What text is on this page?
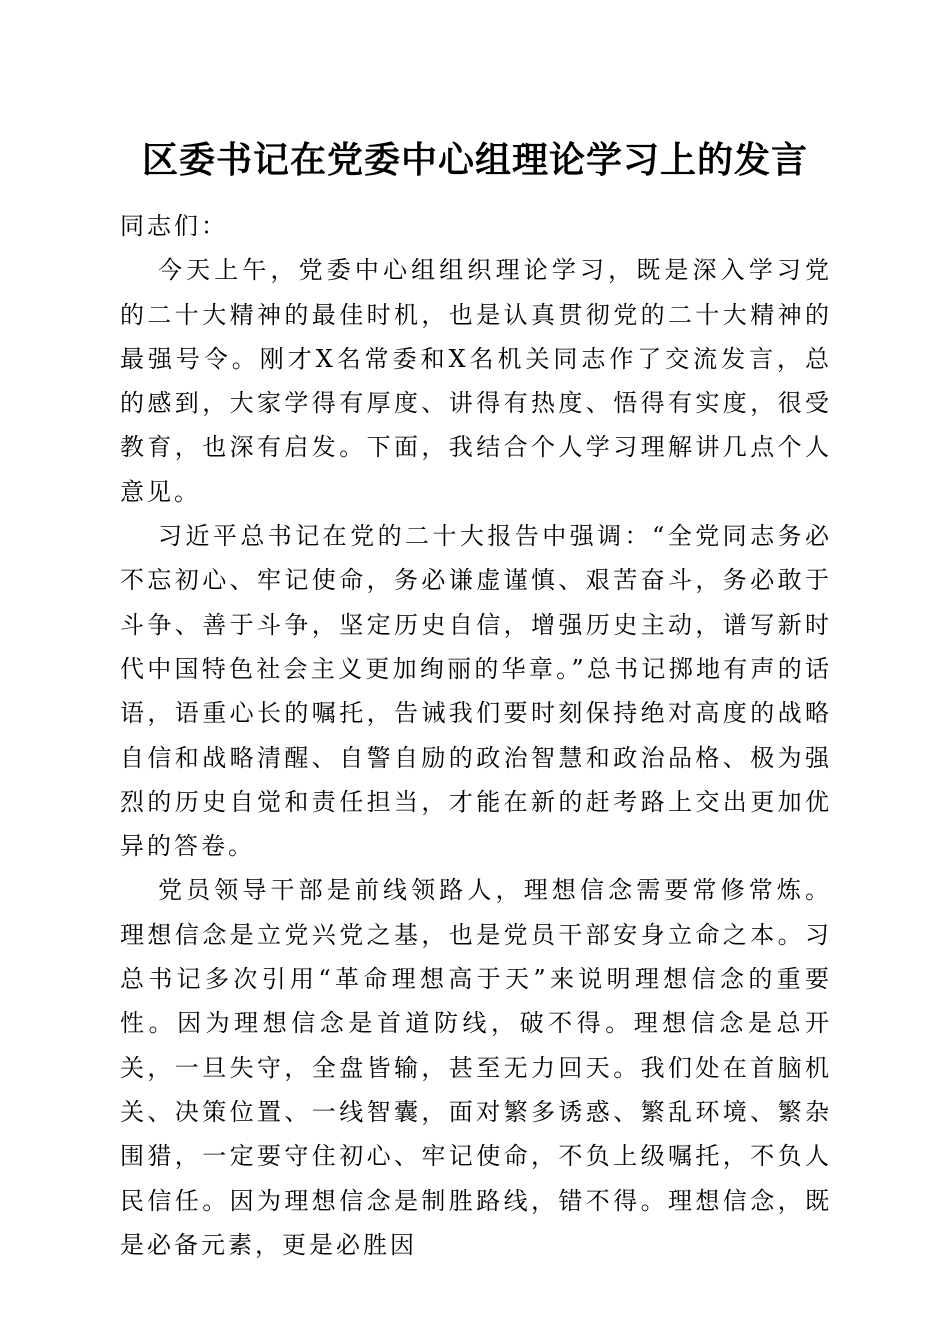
区委书记在党委中心组理论学习上的发言

同志们：

今天上午，党委中心组组织理论学习，既是深入学习党的二十大精神的最佳时机，也是认真贯彻党的二十大精神的最强号令。刚才X名常委和X名机关同志作了交流发言，总的感到，大家学得有厚度、讲得有热度、悟得有实度，很受教育，也深有启发。下面，我结合个人学习理解讲几点个人意见。

习近平总书记在党的二十大报告中强调：“全党同志务必不忘初心、牢记使命，务必谦虚谨慎、艰苦奋斗，务必敢于斗争、善于斗争，坚定历史自信，增强历史主动，谱写新时代中国特色社会主义更加绚丽的华章。”总书记掷地有声的话语，语重心长的嘱托，告诫我们要时刻保持绝对高度的战略自信和战略清醒、自警自励的政治智慧和政治品格、极为强烈的历史自觉和责任担当，才能在新的赶考路上交出更加优异的答卷。

党员领导干部是前线领路人，理想信念需要常修常炼。理想信念是立党兴党之基，也是党员干部安身立命之本。习总书记多次引用“革命理想高于天”来说明理想信念的重要性。因为理想信念是首道防线，破不得。理想信念是总开关，一旦失守，全盘皆输，甚至无力回天。我们处在首脑机关、决策位置、一线智囊，面对繁多诱惑、繁乱环境、繁杂围猎，一定要守住初心、牢记使命，不负上级嘱托，不负人民信任。因为理想信念是制胜路线，错不得。理想信念，既是必备元素，更是必胜因
